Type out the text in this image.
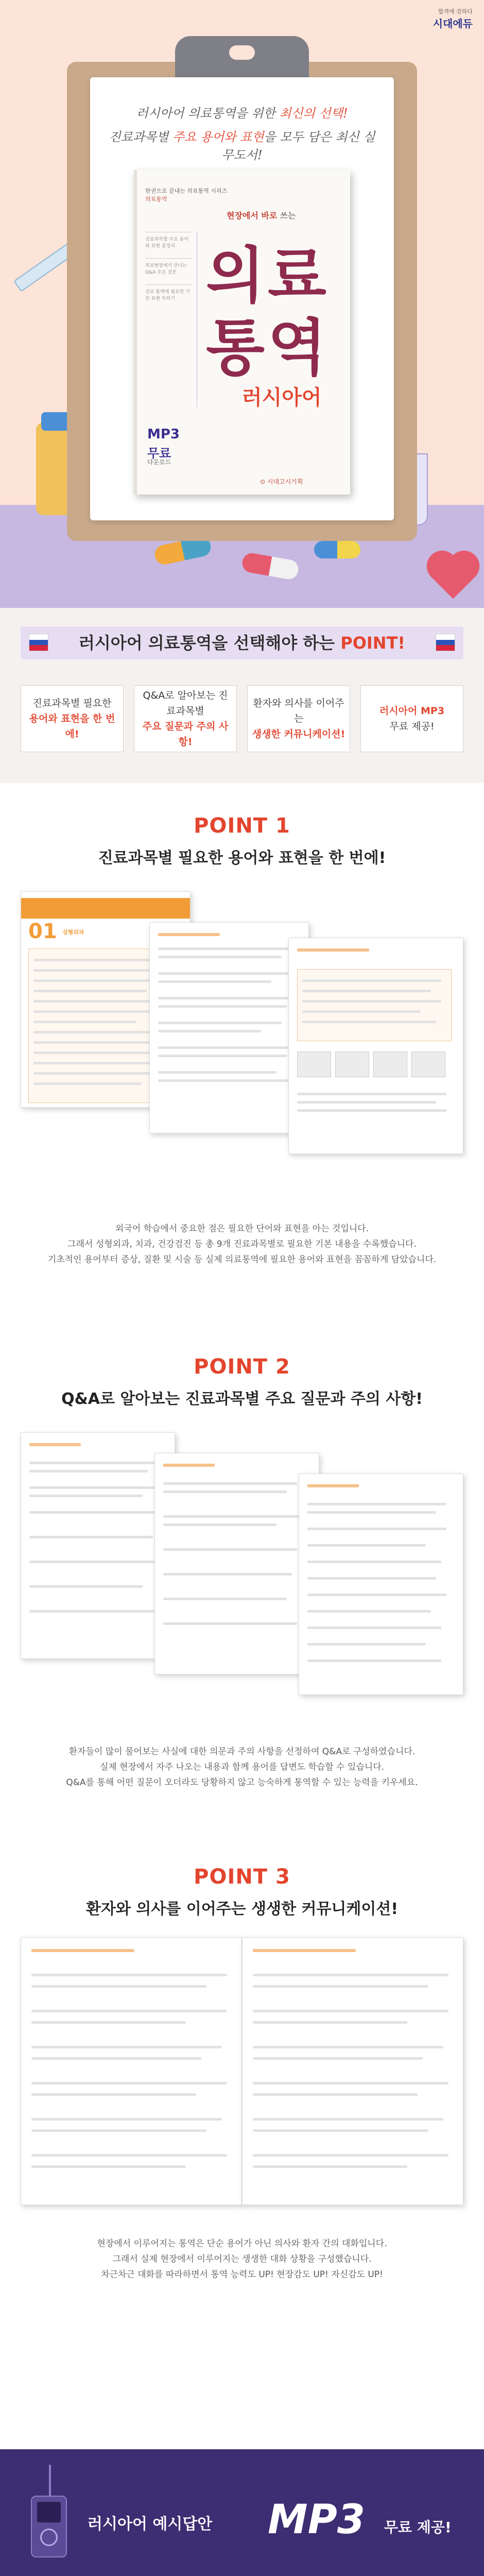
합격에 강하다
시대에듀
러시아어 의료통역을 위한 최신의 선택!
진료과목별 주요 용어와 표현을 모두 담은 최신 실무도서!
한권으로 끝내는 의료통역 시리즈
의료통역
현장에서 바로 쓰는
진료과목별 주요 용어와 표현 총정리
의료현장에서 만나는 Q&A 주요 질문
진료 통역에 필요한 기본 표현 익히기 의료
통역
러시아어
MP3
무료
다운로드
⊙ 시대고시기획
러시아어 의료통역을 선택해야 하는 POINT!
진료과목별 필요한
용어와 표현을 한 번에!
Q&A로 알아보는 진료과목별
주요 질문과 주의 사항!
환자와 의사를 이어주는
생생한 커뮤니케이션!
러시아어 MP3
무료 제공!
POINT 1
진료과목별 필요한 용어와 표현을 한 번에!
01 성형외과
외국어 학습에서 중요한 점은 필요한 단어와 표현을 아는 것입니다.
그래서 성형외과, 치과, 건강검진 등 총 9개 진료과목별로 필요한 기본 내용을 수록했습니다.
기초적인 용어부터 증상, 질환 및 시술 등 실제 의료통역에 필요한 용어와 표현을 꼼꼼하게 담았습니다.
POINT 2
Q&A로 알아보는 진료과목별 주요 질문과 주의 사항!
환자들이 많이 물어보는 사실에 대한 의문과 주의 사항을 선정하여 Q&A로 구성하였습니다.
실제 현장에서 자주 나오는 내용과 함께 용어를 답변도 학습할 수 있습니다.
Q&A를 통해 어떤 질문이 오더라도 당황하지 않고 능숙하게 통역할 수 있는 능력을 키우세요.
POINT 3
환자와 의사를 이어주는 생생한 커뮤니케이션!
현장에서 이루어지는 통역은 단순 용어가 아닌 의사와 환자 간의 대화입니다.
그래서 실제 현장에서 이루어지는 생생한 대화 상황을 구성했습니다.
차근차근 대화를 따라하면서 통역 능력도 UP! 현장감도 UP! 자신감도 UP!
러시아어 예시답안 MP3 무료 제공!
